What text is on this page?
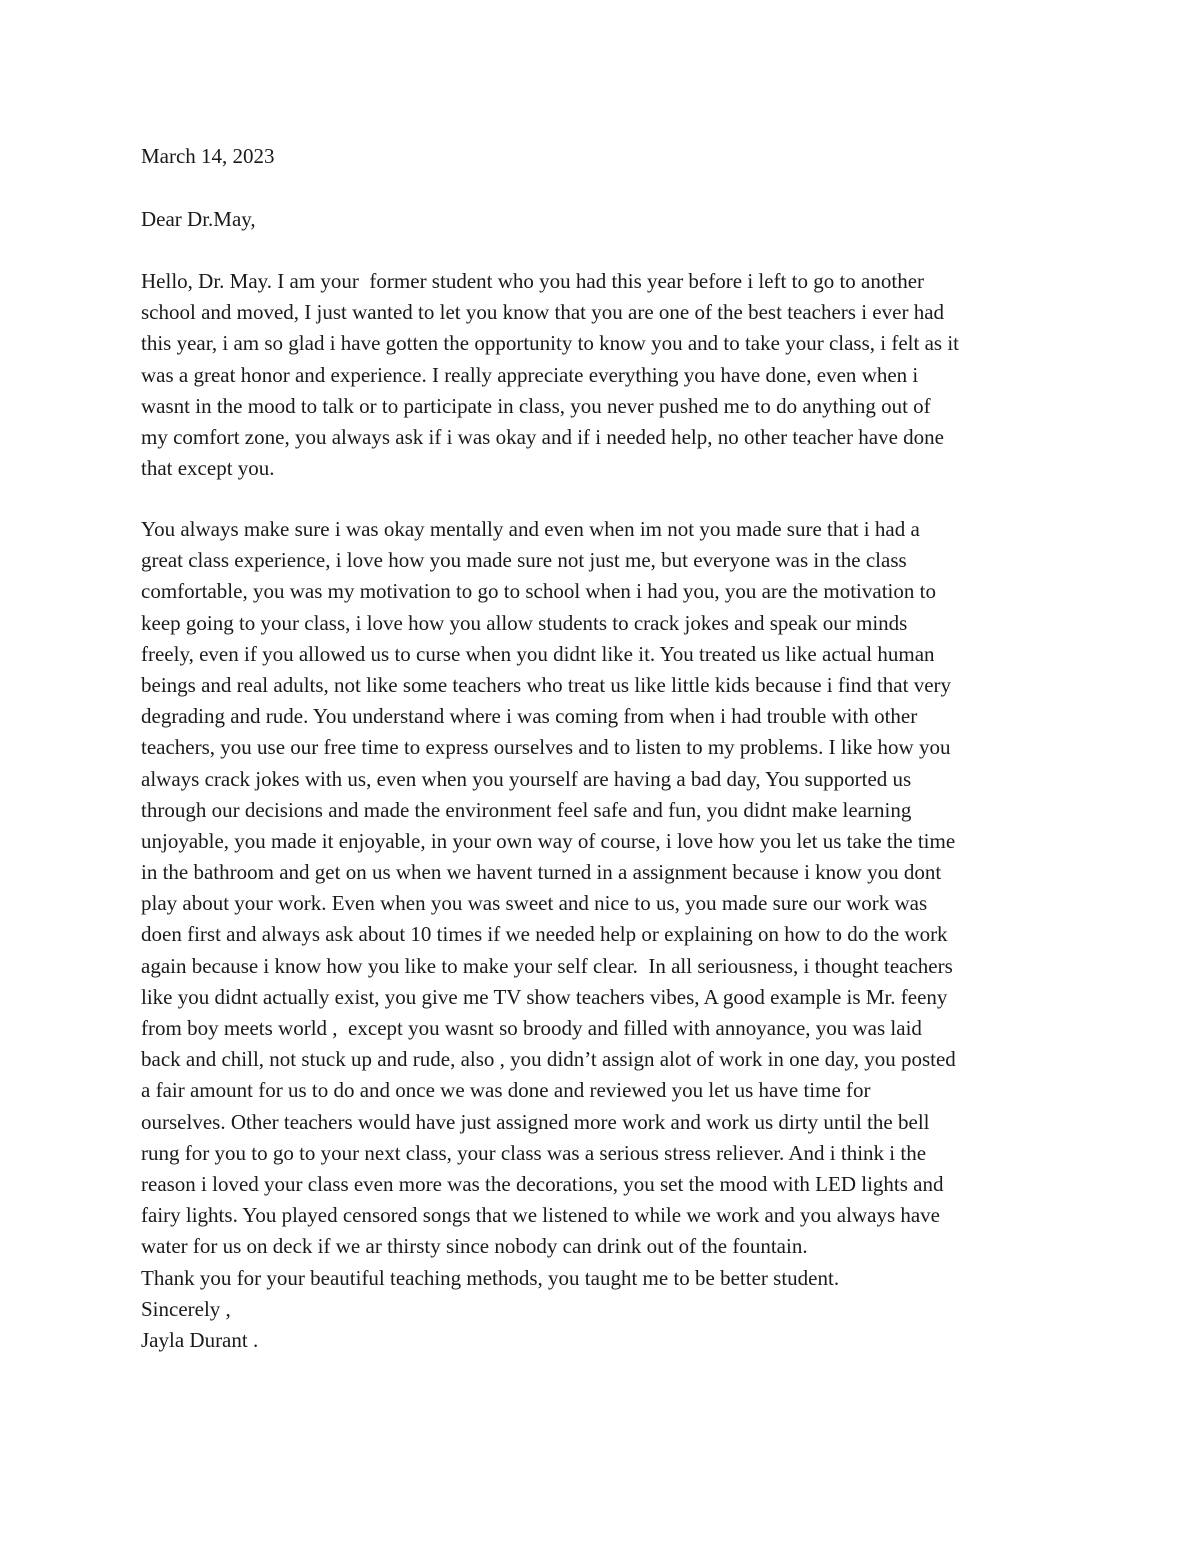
March 14, 2023
Dear Dr.May,
Hello, Dr. May. I am your  former student who you had this year before i left to go to another
school and moved, I just wanted to let you know that you are one of the best teachers i ever had
this year, i am so glad i have gotten the opportunity to know you and to take your class, i felt as it
was a great honor and experience. I really appreciate everything you have done, even when i
wasnt in the mood to talk or to participate in class, you never pushed me to do anything out of
my comfort zone, you always ask if i was okay and if i needed help, no other teacher have done
that except you.
You always make sure i was okay mentally and even when im not you made sure that i had a
great class experience, i love how you made sure not just me, but everyone was in the class
comfortable, you was my motivation to go to school when i had you, you are the motivation to
keep going to your class, i love how you allow students to crack jokes and speak our minds
freely, even if you allowed us to curse when you didnt like it. You treated us like actual human
beings and real adults, not like some teachers who treat us like little kids because i find that very
degrading and rude. You understand where i was coming from when i had trouble with other
teachers, you use our free time to express ourselves and to listen to my problems. I like how you
always crack jokes with us, even when you yourself are having a bad day, You supported us
through our decisions and made the environment feel safe and fun, you didnt make learning
unjoyable, you made it enjoyable, in your own way of course, i love how you let us take the time
in the bathroom and get on us when we havent turned in a assignment because i know you dont
play about your work. Even when you was sweet and nice to us, you made sure our work was
doen first and always ask about 10 times if we needed help or explaining on how to do the work
again because i know how you like to make your self clear.  In all seriousness, i thought teachers
like you didnt actually exist, you give me TV show teachers vibes, A good example is Mr. feeny
from boy meets world ,  except you wasnt so broody and filled with annoyance, you was laid
back and chill, not stuck up and rude, also , you didn’t assign alot of work in one day, you posted
a fair amount for us to do and once we was done and reviewed you let us have time for
ourselves. Other teachers would have just assigned more work and work us dirty until the bell
rung for you to go to your next class, your class was a serious stress reliever. And i think i the
reason i loved your class even more was the decorations, you set the mood with LED lights and
fairy lights. You played censored songs that we listened to while we work and you always have
water for us on deck if we ar thirsty since nobody can drink out of the fountain.
Thank you for your beautiful teaching methods, you taught me to be better student.
Sincerely ,
Jayla Durant .
